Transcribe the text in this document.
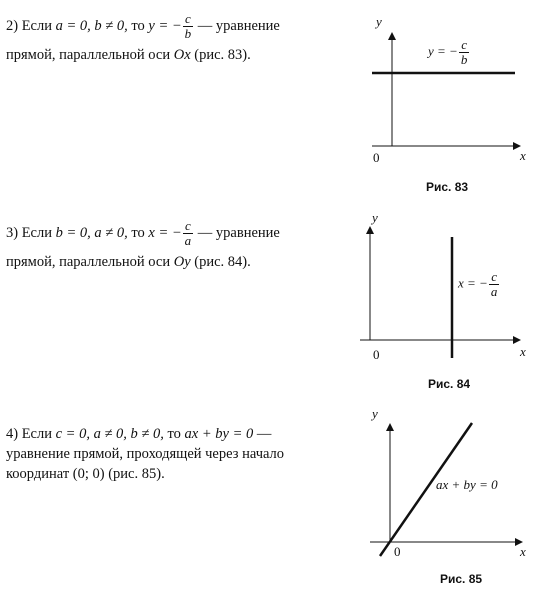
2) Если a = 0, b ≠ 0, то y = − $\frac{c}{b}$ — уравнение
прямой, параллельной оси Ox (рис. 83).
3) Если b = 0, a ≠ 0, то x = − $\frac{c}{a}$ — уравнение
прямой, параллельной оси Oy (рис. 84).
4) Если c = 0, a ≠ 0, b ≠ 0, то ax + by = 0 —
уравнение прямой, проходящей через начало
координат (0; 0) (рис. 85).
y
x
0
y = − $\frac{c}{b}$
Рис. 83
y
x
0
x = − $\frac{c}{a}$
Рис. 84
y
x
0
ax + by = 0
Рис. 85
